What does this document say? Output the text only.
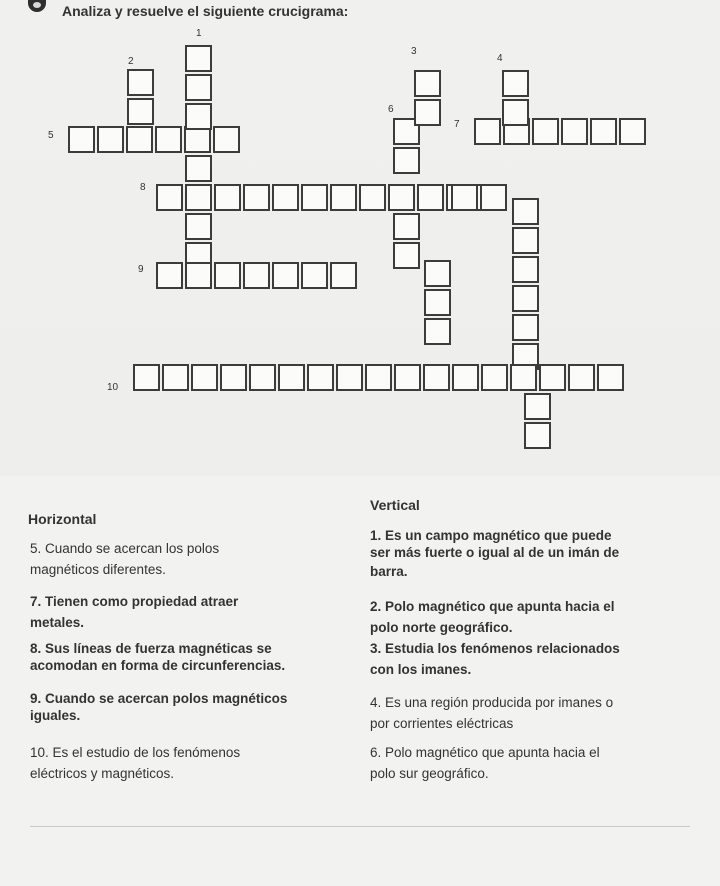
Analiza y resuelve el siguiente crucigrama:
1
2
3
4
5
6
7
8
9
10
Horizontal
Vertical
5. Cuando se acercan los polos
magnéticos diferentes.
7. Tienen como propiedad atraer
metales.
8. Sus líneas de fuerza magnéticas se
acomodan en forma de circunferencias.
9. Cuando se acercan polos magnéticos
iguales.
10. Es el estudio de los fenómenos
eléctricos y magnéticos.
1. Es un campo magnético que puede
ser más fuerte o igual al de un imán de
barra.
2. Polo magnético que apunta hacia el
polo norte geográfico.
3. Estudia los fenómenos relacionados
con los imanes.
4. Es una región producida por imanes o
por corrientes eléctricas
6. Polo magnético que apunta hacia el
polo sur geográfico.
